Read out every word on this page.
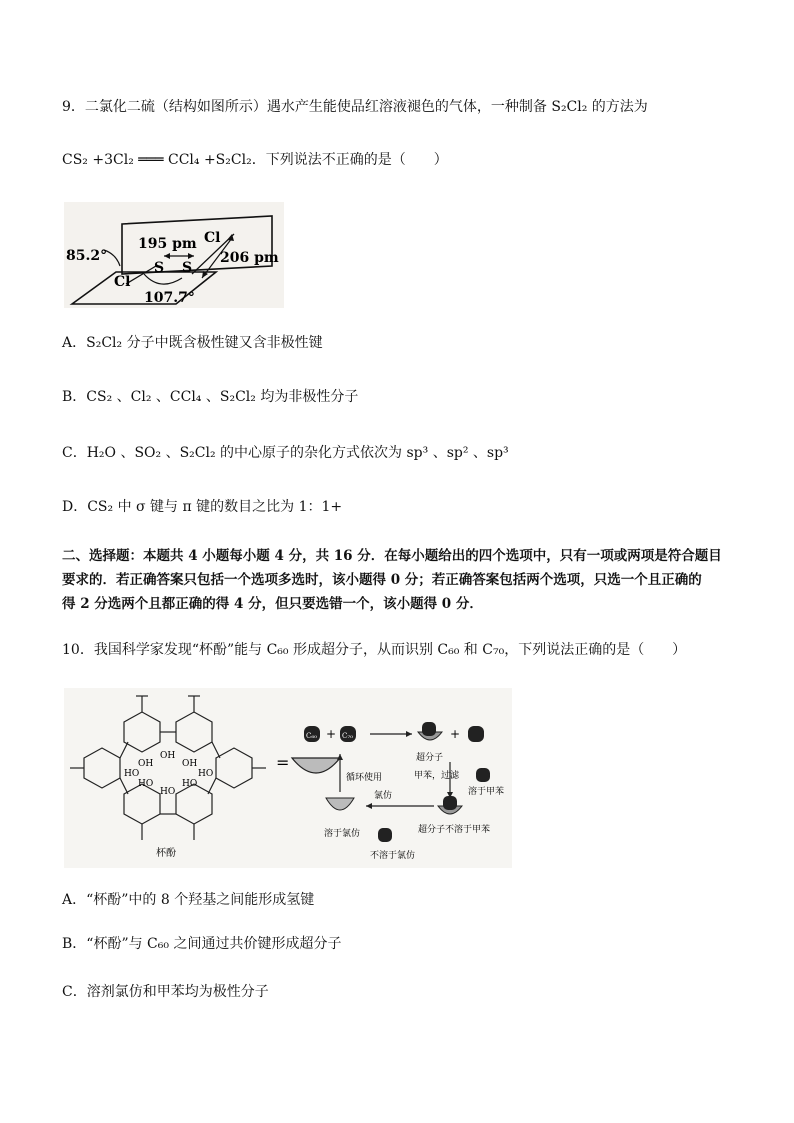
9．二氯化二硫（结构如图所示）遇水产生能使品红溶液褪色的气体，一种制备 S₂Cl₂ 的方法为
CS₂ +3Cl₂ ═══ CCl₄ +S₂Cl₂．下列说法不正确的是（　　）
85.2°
195 pm Cl
S S
206 pm
Cl
107.7°
A．S₂Cl₂ 分子中既含极性键又含非极性键
B．CS₂ 、Cl₂ 、CCl₄ 、S₂Cl₂ 均为非极性分子
C．H₂O 、SO₂ 、S₂Cl₂ 的中心原子的杂化方式依次为 sp³ 、sp² 、sp³
D．CS₂ 中 σ 键与 π 键的数目之比为 1：1+
二、选择题：本题共 4 小题每小题 4 分，共 16 分．在每小题给出的四个选项中，只有一项或两项是符合题目
要求的．若正确答案只包括一个选项多选时，该小题得 0 分；若正确答案包括两个选项，只选一个且正确的
得 2 分选两个且都正确的得 4 分，但只要选错一个，该小题得 0 分．
10．我国科学家发现“杯酚”能与 C₆₀ 形成超分子，从而识别 C₆₀ 和 C₇₀，下列说法正确的是（　　）
OH	OH
OH
HO	HO
HO
HO	HO
杯酚
=
C₆₀ + C₇₀
超分子
+
甲苯，过滤
溶于甲苯
超分子不溶于甲苯
氯仿
溶于氯仿
循环使用
不溶于氯仿
A．“杯酚”中的 8 个羟基之间能形成氢键
B．“杯酚”与 C₆₀ 之间通过共价键形成超分子
C．溶剂氯仿和甲苯均为极性分子
